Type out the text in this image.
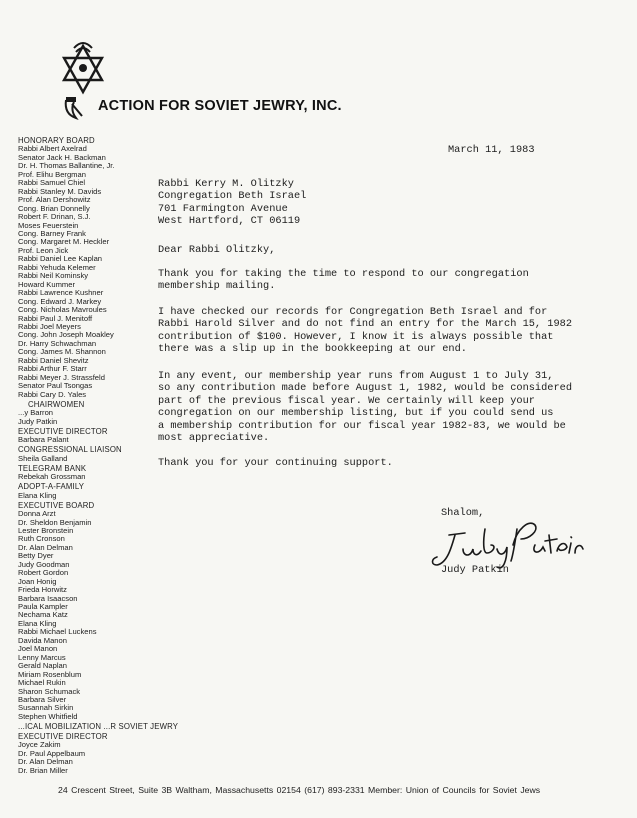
ACTION FOR SOVIET JEWRY, INC.
HONORARY BOARD
Rabbi Albert Axelrad
Senator Jack H. Backman
Dr. H. Thomas Ballantine, Jr.
Prof. Elihu Bergman
Rabbi Samuel Chiel
Rabbi Stanley M. Davids
Prof. Alan Dershowitz
Cong. Brian Donnelly
Robert F. Drinan, S.J.
Moses Feuerstein
Cong. Barney Frank
Cong. Margaret M. Heckler
Prof. Leon Jick
Rabbi Daniel Lee Kaplan
Rabbi Yehuda Kelemer
Rabbi Neil Kominsky
Howard Kummer
Rabbi Lawrence Kushner
Cong. Edward J. Markey
Cong. Nicholas Mavroules
Rabbi Paul J. Menitoff
Rabbi Joel Meyers
Cong. John Joseph Moakley
Dr. Harry Schwachman
Cong. James M. Shannon
Rabbi Daniel Shevitz
Rabbi Arthur F. Starr
Rabbi Meyer J. Strassfeld
Senator Paul Tsongas
Rabbi Cary D. Yales
CHAIRWOMEN
...y Barron
Judy Patkin
EXECUTIVE DIRECTOR
Barbara Palant
CONGRESSIONAL LIAISON
Sheila Galland
TELEGRAM BANK
Rebekah Grossman
ADOPT-A-FAMILY
Elana Kling
EXECUTIVE BOARD
Donna Arzt
Dr. Sheldon Benjamin
Lester Bronstein
Ruth Cronson
Dr. Alan Delman
Betty Dyer
Judy Goodman
Robert Gordon
Joan Honig
Frieda Horwitz
Barbara Isaacson
Paula Kampler
Nechama Katz
Elana Kling
Rabbi Michael Luckens
Davida Manon
Joel Manon
Lenny Marcus
Gerald Naplan
Miriam Rosenblum
Michael Rukin
Sharon Schumack
Barbara Silver
Susannah Sirkin
Stephen Whitfield
...ICAL MOBILIZATION ...R SOVIET JEWRY
EXECUTIVE DIRECTOR
Joyce Zakim
Dr. Paul Appelbaum
Dr. Alan Delman
Dr. Brian Miller
March 11, 1983
Rabbi Kerry M. Olitzky
Congregation Beth Israel
701 Farmington Avenue
West Hartford, CT 06119
Dear Rabbi Olitzky,
Thank you for taking the time to respond to our congregation
membership mailing.
I have checked our records for Congregation Beth Israel and for
Rabbi Harold Silver and do not find an entry for the March 15, 1982
contribution of $100. However, I know it is always possible that
there was a slip up in the bookkeeping at our end.
In any event, our membership year runs from August 1 to July 31,
so any contribution made before August 1, 1982, would be considered
part of the previous fiscal year. We certainly will keep your
congregation on our membership listing, but if you could send us
a membership contribution for our fiscal year 1982-83, we would be
most appreciative.
Thank you for your continuing support.
Shalom,
Judy Patkin
24 Crescent Street, Suite 3B Waltham, Massachusetts 02154 (617) 893-2331 Member: Union of Councils for Soviet Jews
